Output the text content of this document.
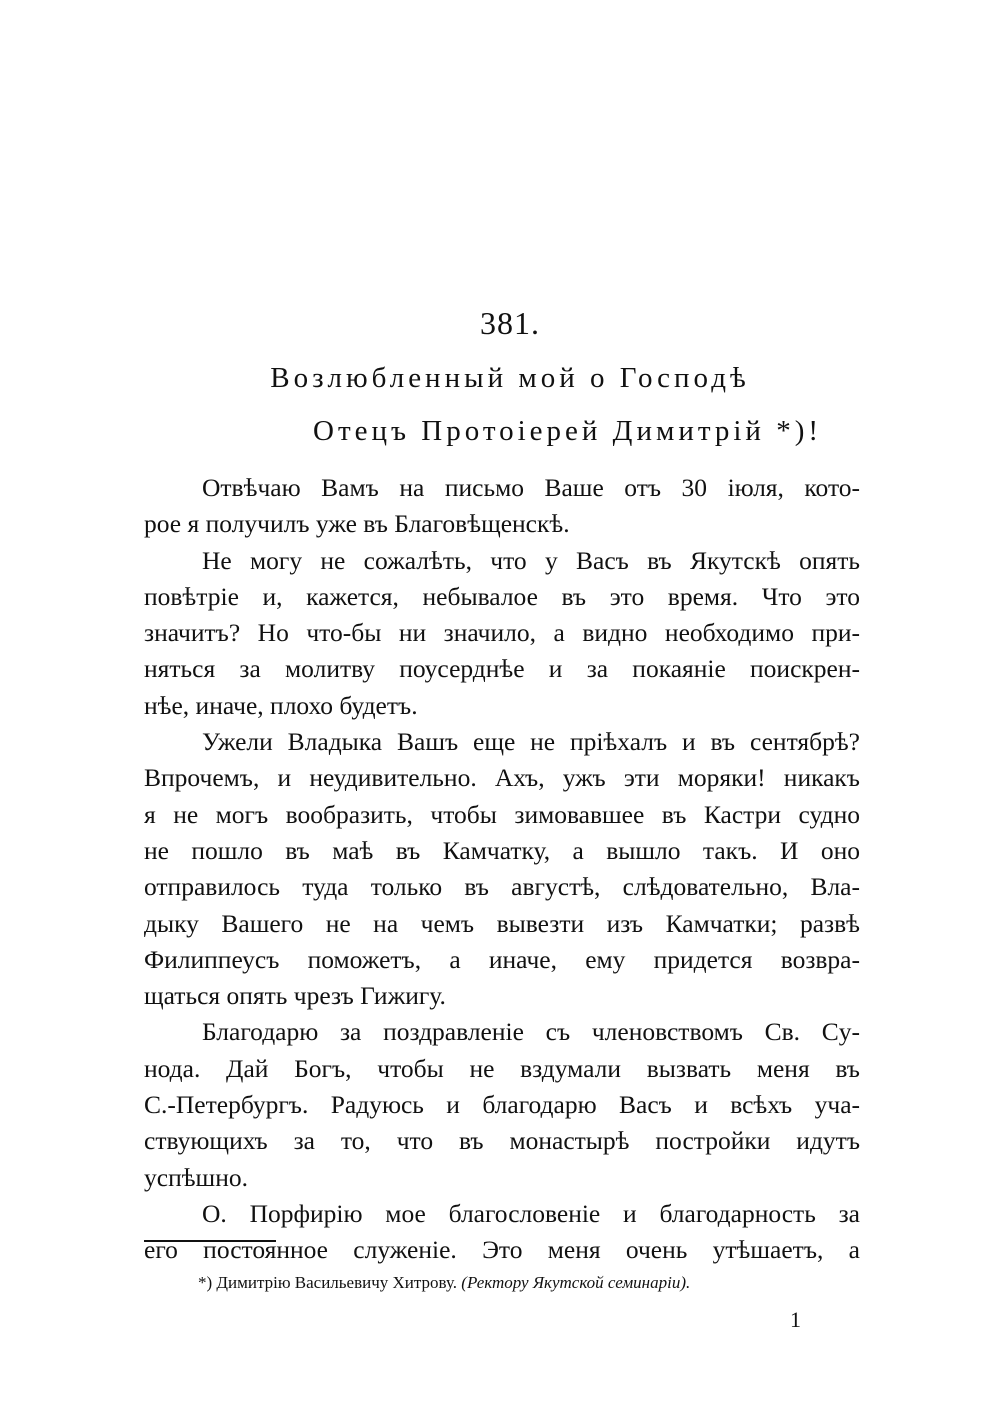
381.
Возлюбленный мой о Господѣ
Отецъ Протоіерей Димитрій *)!
Отвѣчаю Вамъ на письмо Ваше отъ 30 іюля, кото-
рое я получилъ уже въ Благовѣщенскѣ.
Не могу не сожалѣть, что у Васъ въ Якутскѣ опять
повѣтріе и, кажется, небывалое въ это время. Что это
значитъ? Но что-бы ни значило, а видно необходимо при-
няться за молитву поусерднѣе и за покаяніе поискрен-
нѣе, иначе, плохо будетъ.
Ужели Владыка Вашъ еще не пріѣхалъ и въ сентябрѣ?
Впрочемъ, и неудивительно. Ахъ, ужъ эти моряки! никакъ
я не могъ вообразить, чтобы зимовавшее въ Кастри судно
не пошло въ маѣ въ Камчатку, а вышло такъ. И оно
отправилось туда только въ августѣ, слѣдовательно, Вла-
дыку Вашего не на чемъ вывезти изъ Камчатки; развѣ
Филиппеусъ поможетъ, а иначе, ему придется возвра-
щаться опять чрезъ Гижигу.
Благодарю за поздравленіе съ членовствомъ Св. Сy-
нода. Дай Богъ, чтобы не вздумали вызвать меня въ
С.-Петербургъ. Радуюсь и благодарю Васъ и всѣхъ уча-
ствующихъ за то, что въ монастырѣ постройки идутъ
успѣшно.
О. Порфирію мое благословеніе и благодарность за
его постоянное служеніе. Это меня очень утѣшаетъ, а
*) Димитрію Васильевичу Хитрову. (Ректору Якутской семинаріи).
1
